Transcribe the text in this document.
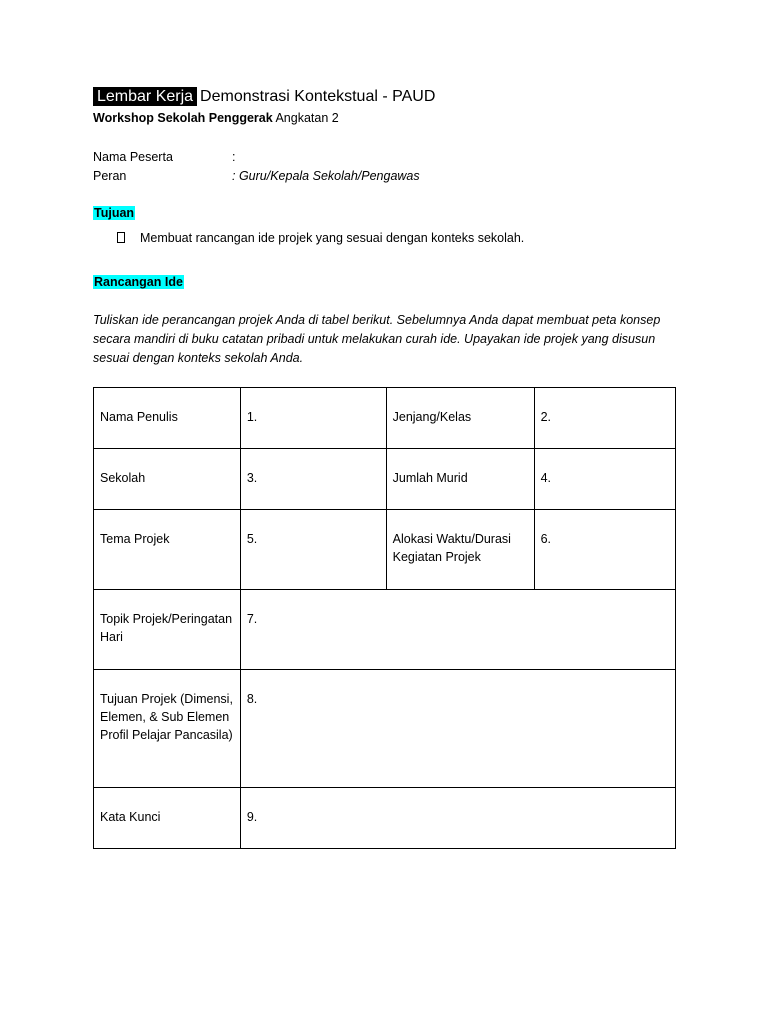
Lembar Kerja Demonstrasi Kontekstual - PAUD
Workshop Sekolah Penggerak Angkatan 2
Nama Peserta	:
Peran	: Guru/Kepala Sekolah/Pengawas
Tujuan
Membuat rancangan ide projek yang sesuai dengan konteks sekolah.
Rancangan Ide
Tuliskan ide perancangan projek Anda di tabel berikut. Sebelumnya Anda dapat membuat peta konsep secara mandiri di buku catatan pribadi untuk melakukan curah ide. Upayakan ide projek yang disusun sesuai dengan konteks sekolah Anda.
Nama Penulis	1.	Jenjang/Kelas	2.
Sekolah	3.	Jumlah Murid	4.
Tema Projek	5.	Alokasi Waktu/Durasi Kegiatan Projek	6.
Topik Projek/Peringatan Hari	7.		
Tujuan Projek (Dimensi, Elemen, & Sub Elemen Profil Pelajar Pancasila)	8.		
Kata Kunci	9.		
